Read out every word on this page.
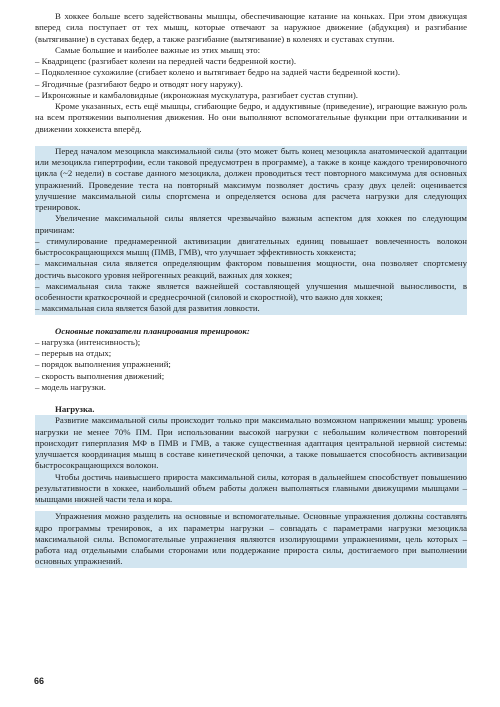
В хоккее больше всего задействованы мышцы, обеспечивающие катание на коньках. При этом движущая вперед сила поступает от тех мышц, которые отвечают за наружное движение (абдукция) и разгибание (вытягивание) в суставах бедер, а также разгибание (вытягивание) в коленях и суставах ступни.

Самые большие и наиболее важные из этих мышц это:

– Квадрицепс (разгибает колени на передней части бедренной кости).

– Подколенное сухожилие (сгибает колено и вытягивает бедро на задней части бедренной кости).

– Ягодичные (разгибают бедро и отводят ногу наружу).

– Икроножные и камбаловидные (икроножная мускулатура, разгибает сустав ступни).

Кроме указанных, есть ещё мышцы, сгибающие бедро, и аддуктивные (приведение), играющие важную роль на всем протяжении выполнения движения. Но они выполняют вспомогательные функции при отталкивании и движении хоккеиста вперёд.

Перед началом мезоцикла максимальной силы (это может быть конец мезоцикла анатомической адаптации или мезоцикла гипертрофии, если таковой предусмотрен в программе), а также в конце каждого тренировочного цикла (~2 недели) в составе данного мезоцикла, должен проводиться тест повторного максимума для основных упражнений. Проведение теста на повторный максимум позволяет достичь сразу двух целей: оценивается улучшение максимальной силы спортсмена и определяется основа для расчета нагрузки для следующих тренировок.

Увеличение максимальной силы является чрезвычайно важным аспектом для хоккея по следующим причинам:

– стимулирование преднамеренной активизации двигательных единиц повышает вовлеченность волокон быстросокращающихся мышц (ПМВ, ГМВ), что улучшает эффективность хоккеиста;

– максимальная сила является определяющим фактором повышения мощности, она позволяет спортсмену достичь высокого уровня нейрогенных реакций, важных для хоккея;

– максимальная сила также является важнейшей составляющей улучшения мышечной выносливости, в особенности краткосрочной и среднесрочной (силовой и скоростной), что важно для хоккея;

– максимальная сила является базой для развития ловкости.

Основные показатели планирования тренировок:

– нагрузка (интенсивность);

– перерыв на отдых;

– порядок выполнения упражнений;

– скорость выполнения движений;

– модель нагрузки.

Нагрузка.

Развитие максимальной силы происходит только при максимально возможном напряжении мышц: уровень нагрузки не менее 70% ПМ. При использовании высокой нагрузки с небольшим количеством повторений происходит гиперплазия МФ в ПМВ и ГМВ, а также существенная адаптация центральной нервной системы: улучшается координация мышц в составе кинетической цепочки, а также повышается способность активизации быстросокращающихся волокон.

Чтобы достичь наивысшего прироста максимальной силы, которая в дальнейшем способствует повышению результативности в хоккее, наибольший объем работы должен выполняться главными движущими мышцами – мышцами нижней части тела и кора.

Упражнения можно разделить на основные и вспомогательные. Основные упражнения должны составлять ядро программы тренировок, а их параметры нагрузки – совпадать с параметрами нагрузки мезоцикла максимальной силы. Вспомогательные упражнения являются изолирующими упражнениями, цель которых – работа над отдельными слабыми сторонами или поддержание прироста силы, достигаемого при выполнении основных упражнений.

66
